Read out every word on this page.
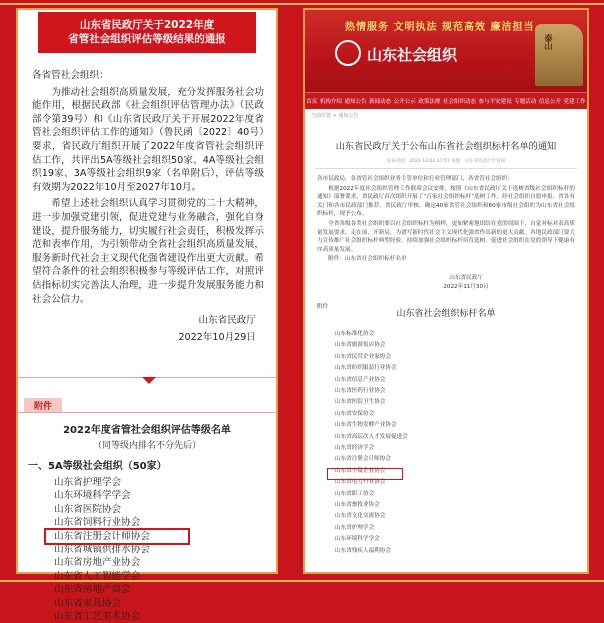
山东省民政厅关于2022年度
省管社会组织评估等级结果的通报

各省管社会组织：

为推动社会组织高质量发展，充分发挥服务社会功能作用，根据民政部《社会组织评估管理办法》（民政部令第39号）和《山东省民政厅关于开展2022年度省管社会组织评估工作的通知》（鲁民函〔2022〕40号）要求，省民政厅组织开展了2022年度省管社会组织评估工作，共评出5A等级社会组织50家、4A等级社会组织19家、3A等级社会组织9家（名单附后），评估等级有效期为2022年10月至2027年10月。

希望上述社会组织认真学习贯彻党的二十大精神，进一步加强党建引领，促进党建与业务融合，强化自身建设，提升服务能力，切实履行社会责任，积极发挥示范和表率作用，为引领带动全省社会组织高质量发展，服务新时代社会主义现代化强省建设作出更大贡献。希望符合条件的社会组织积极参与等级评估工作，对照评估指标切实完善法人治理，进一步提升发展服务能力和社会公信力。

山东省民政厅
2022年10月29日
附件
2022年度省管社会组织评估等级名单
（同等级内排名不分先后）
一、5A等级社会组织（50家）
山东省护理学会
山东环境科学学会
山东省医院协会
山东省饲料行业协会
山东省注册会计师协会
山东省城镇供排水协会
山东省房地产业协会
山东省人工智能学会
山东省房地产商会
山东省家具协会
山东省工艺美术协会
热情服务 文明执法 规范高效 廉洁担当
山东社会组织
泰山
首页 机构介绍 通知公告 新闻动态 公开公示 政策法规 社会组织动态 参与平安建设 专题活动 信息公开 党建工作
当前位置 > 通知公告
山东省民政厅关于公布山东省社会组织标杆名单的通知
发布时间：2022-12-02 17:57 来源：山东省民政厅社管局

各市民政局，各省管社会组织业务主管单位和行业管理部门，各省管社会组织：

根据2022年度社会组织管理工作联席会议安排，按照《山东省民政厅关于选树省级社会组织标杆的通知》部署要求，省民政厅首次组织开展了“百家社会组织标杆”选树工作。经社会组织自愿申报、省各有关门和各市民政部门推荐、省民政厅审核、确定40家省管社会组织和60家市级社会组织为山东省社会组织标杆，现予公布。

全省各级各类社会组织要以社会组织标杆为榜样，更加紧密地团结在党的周围下，自觉对标对表高质量发展要求，走在前、开新局，为谱写新时代社会主义现代化强省作出新的更大贡献。各地民政部门要大力宣传推广社会组织标杆典型经验，持续加强社会组织标杆培育选树，促进社会组织在党的领导下健康有序高质量发展。

附件：山东省社会组织标杆名单

山东省民政厅
2022年11月30日
附件
山东省社会组织标杆名单
山东标准化协会
山东省旅游饭店协会
山东省民营企业家协会
山东省纺织服装行业协会
山东省信息产业协会
山东省医药行业协会
山东省医院卫生协会
山东省安保协会
山东省生物发酵产业协会
山东省高层次人才发展促进会
山东省经济学会
山东省注册会计师协会
山东省小微企业协会
山东省电力行业协会
山东省职工协会
山东省畜牧业协会
山东省文化交流协会
山东省护理学会
山东环境科学学会
山东省残疾人福利协会
